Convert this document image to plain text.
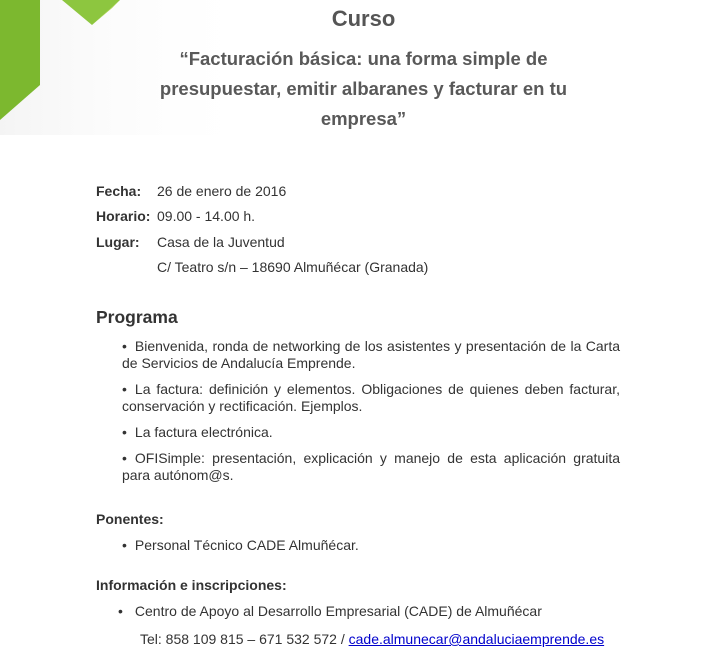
Curso
“Facturación básica: una forma simple de presupuestar, emitir albaranes y facturar en tu empresa”
Fecha:	26 de enero de 2016
Horario: 09.00 - 14.00 h.
Lugar:	Casa de la Juventud
C/ Teatro s/n – 18690 Almuñécar (Granada)
Programa
• Bienvenida, ronda de networking de los asistentes y presentación de la Carta de Servicios de Andalucía Emprende.
• La factura: definición y elementos. Obligaciones de quienes deben facturar, conservación y rectificación. Ejemplos.
• La factura electrónica.
• OFISimple: presentación, explicación y manejo de esta aplicación gratuita para autónom@s.
Ponentes:
• Personal Técnico CADE Almuñécar.
Información e inscripciones:
• Centro de Apoyo al Desarrollo Empresarial (CADE) de Almuñécar
Tel: 858 109 815 – 671 532 572 / cade.almunecar@andaluciaemprende.es
